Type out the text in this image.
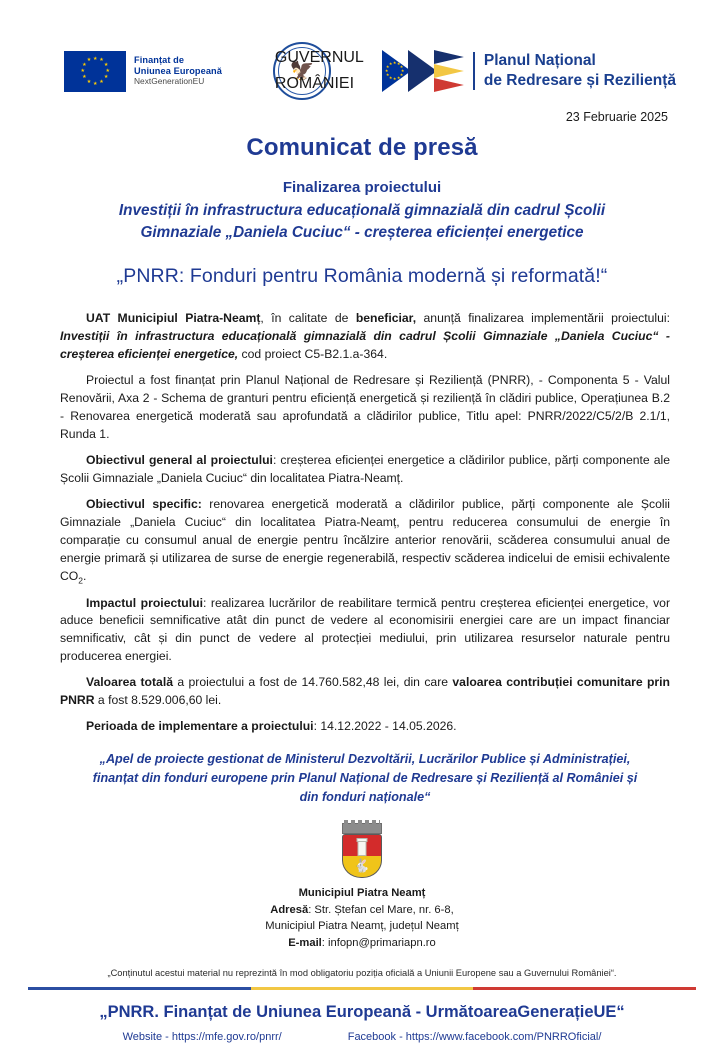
★
★
★
★
★
★
★
★
★
★
★
★
Finanțat de
Uniunea Europeană
NextGenerationEU
GUVERNUL
🦅
ROMÂNIEI
★ ★
★
★
★
★
★
★
★
★
★
★	Planul Național
de Redresare și Reziliență
23 Februarie 2025
Comunicat de presă
Finalizarea proiectului
Investiții în infrastructura educațională gimnazială din cadrul Școlii
Gimnaziale „Daniela Cuciuc“ - creșterea eficienței energetice
„PNRR: Fonduri pentru România modernă și reformată!“

UAT Municipiul Piatra-Neamț, în calitate de beneficiar, anunță finalizarea implementării proiectului: Investiții în infrastructura educațională gimnazială din cadrul Școlii Gimnaziale „Daniela Cuciuc“ - creșterea eficienței energetice, cod proiect C5-B2.1.a-364.

Proiectul a fost finanțat prin Planul Național de Redresare și Reziliență (PNRR), - Componenta 5 - Valul Renovării, Axa 2 - Schema de granturi pentru eficiență energetică și reziliență în clădiri publice, Operațiunea B.2 - Renovarea energetică moderată sau aprofundată a clădirilor publice, Titlu apel: PNRR/2022/C5/2/B 2.1/1, Runda 1.

Obiectivul general al proiectului: creșterea eficienței energetice a clădirilor publice, părți componente ale Școlii Gimnaziale „Daniela Cuciuc“ din localitatea Piatra-Neamț.

Obiectivul specific: renovarea energetică moderată a clădirilor publice, părți componente ale Școlii Gimnaziale „Daniela Cuciuc“ din localitatea Piatra-Neamț, pentru reducerea consumului de energie în comparație cu consumul anual de energie pentru încălzire anterior renovării, scăderea consumului anual de energie primară și utilizarea de surse de energie regenerabilă, respectiv scăderea indicelui de emisii echivalente $CO_2$.

Impactul proiectului: realizarea lucrărilor de reabilitare termică pentru creșterea eficienței energetice, vor aduce beneficii semnificative atât din punct de vedere al economisirii energiei care are un impact financiar semnificativ, cât și din punct de vedere al protecției mediului, prin utilizarea resurselor naturale pentru producerea energiei.

Valoarea totală a proiectului a fost de 14.760.582,48 lei, din care valoarea contribuției comunitare prin PNRR a fost 8.529.006,60 lei.

Perioada de implementare a proiectului: 14.12.2022 - 14.05.2026.

„Apel de proiecte gestionat de Ministerul Dezvoltării, Lucrărilor Publice și Administrației,
finanțat din fonduri europene prin Planul Național de Redresare și Reziliență al României și
din fonduri naționale“
🐇
Municipiul Piatra Neamț
Adresă: Str. Ștefan cel Mare, nr. 6-8,
Municipiul Piatra Neamț, județul Neamț
E-mail: infopn@primariapn.ro
„Conținutul acestui material nu reprezintă în mod obligatoriu poziția oficială a Uniunii Europene sau a Guvernului României“.
„PNRR. Finanțat de Uniunea Europeană - UrmătoareaGenerațieUE“
Website - https://mfe.gov.ro/pnrr/	Facebook - https://www.facebook.com/PNRROficial/
